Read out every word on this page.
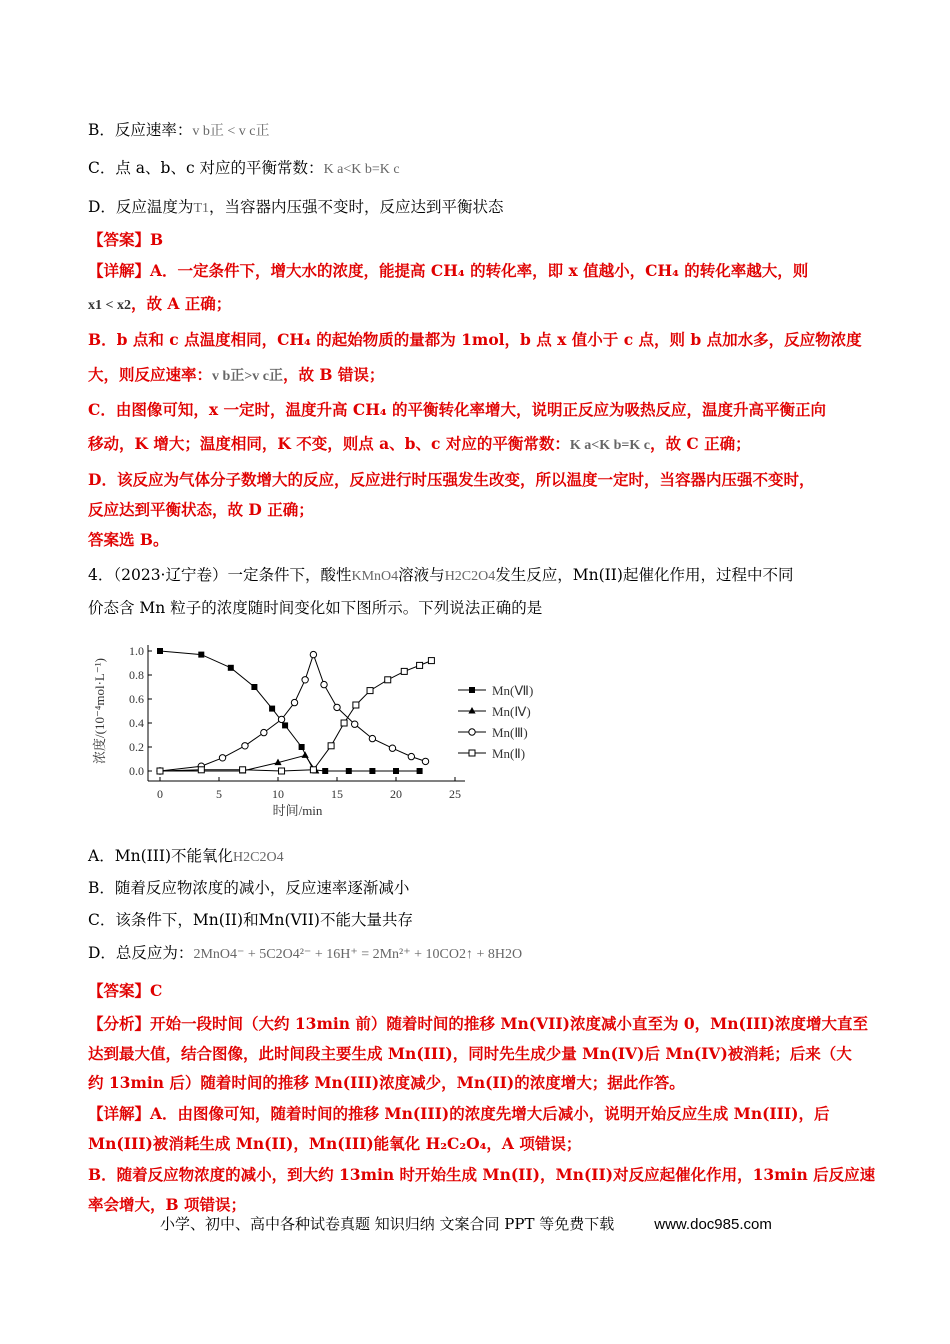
B．反应速率：v b正 < v c正
C．点 a、b、c 对应的平衡常数：K a<K b=K c
D．反应温度为T1，当容器内压强不变时，反应达到平衡状态
【答案】B
【详解】A．一定条件下，增大水的浓度，能提高 CH₄ 的转化率，即 x 值越小，CH₄ 的转化率越大，则
x1 < x2，故 A 正确；
B．b 点和 c 点温度相同，CH₄ 的起始物质的量都为 1mol，b 点 x 值小于 c 点，则 b 点加水多，反应物浓度
大，则反应速率：v b正>v c正，故 B 错误；
C．由图像可知，x 一定时，温度升高 CH₄ 的平衡转化率增大，说明正反应为吸热反应，温度升高平衡正向
移动，K 增大；温度相同，K 不变，则点 a、b、c 对应的平衡常数：K a<K b=K c，故 C 正确；
D．该反应为气体分子数增大的反应，反应进行时压强发生改变，所以温度一定时，当容器内压强不变时，
反应达到平衡状态，故 D 正确；
答案选 B。
4．（2023·辽宁卷）一定条件下，酸性KMnO4溶液与H2C2O4发生反应，Mn(II)起催化作用，过程中不同
价态含 Mn 粒子的浓度随时间变化如下图所示。下列说法正确的是
0	5	10	15	20	25
0.0
0.2
0.4
0.6
0.8
1.0
时间/min
浓度/(10⁻⁴mol·L⁻¹)	Mn(Ⅶ)
Mn(Ⅳ)
Mn(Ⅲ)
Mn(Ⅱ)
A．Mn(III)不能氧化H2C2O4
B．随着反应物浓度的减小，反应速率逐渐减小
C．该条件下，Mn(II)和Mn(VII)不能大量共存
D．总反应为：2MnO4⁻ + 5C2O4²⁻ + 16H⁺ = 2Mn²⁺ + 10CO2↑ + 8H2O
【答案】C
【分析】开始一段时间（大约 13min 前）随着时间的推移 Mn(VII)浓度减小直至为 0，Mn(III)浓度增大直至
达到最大值，结合图像，此时间段主要生成 Mn(III)，同时先生成少量 Mn(IV)后 Mn(IV)被消耗；后来（大
约 13min 后）随着时间的推移 Mn(III)浓度减少，Mn(II)的浓度增大；据此作答。
【详解】A．由图像可知，随着时间的推移 Mn(III)的浓度先增大后减小，说明开始反应生成 Mn(III)，后
Mn(III)被消耗生成 Mn(II)，Mn(III)能氧化 H₂C₂O₄，A 项错误；
B．随着反应物浓度的减小，到大约 13min 时开始生成 Mn(II)，Mn(II)对反应起催化作用，13min 后反应速
率会增大，B 项错误；
小学、初中、高中各种试卷真题 知识归纳 文案合同 PPT 等免费下载	www.doc985.com
